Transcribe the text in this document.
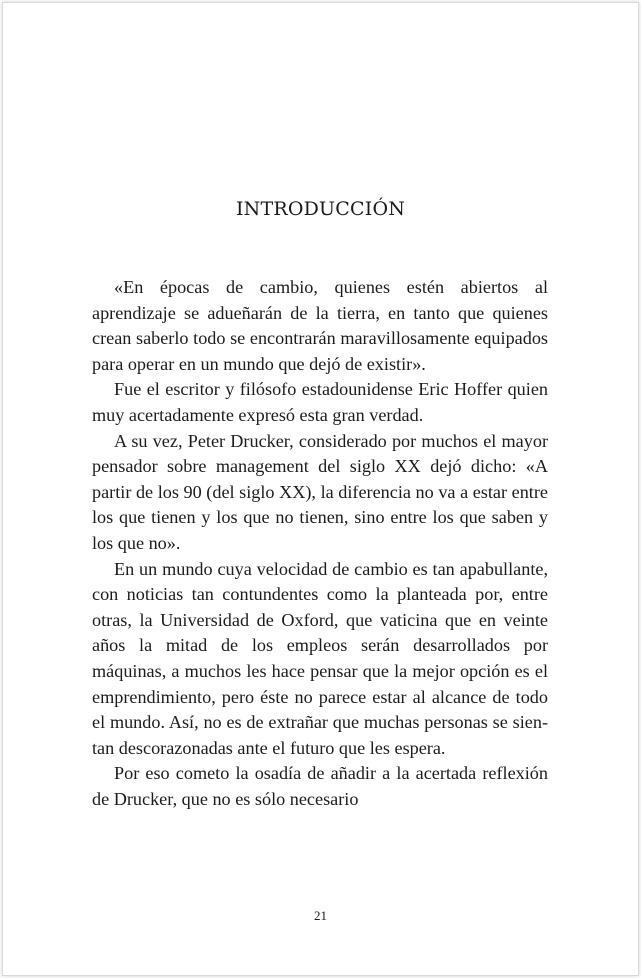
INTRODUCCIÓN

«En épocas de cambio, quienes estén abiertos al aprendizaje se adueñarán de la tierra, en tanto que quienes crean saberlo todo se encontrarán maravillosamente equipados para operar en un mundo que dejó de existir».

Fue el escritor y filósofo estadounidense Eric Hoffer quien muy acertadamente expresó esta gran verdad.

A su vez, Peter Drucker, considerado por muchos el mayor pensador sobre management del siglo XX dejó dicho: «A partir de los 90 (del siglo XX), la diferencia no va a estar entre los que tienen y los que no tienen, sino entre los que saben y los que no».

En un mundo cuya velocidad de cambio es tan apabullante, con noticias tan contundentes como la planteada por, entre otras, la Universidad de Oxford, que vaticina que en veinte años la mitad de los empleos serán desarrollados por máquinas, a muchos les hace pensar que la mejor opción es el emprendimiento, pero éste no parece estar al alcance de todo el mundo. Así, no es de extrañar que muchas personas se sientan descorazonadas ante el futuro que les espera.

Por eso cometo la osadía de añadir a la acertada reflexión de Drucker, que no es sólo necesario

21
